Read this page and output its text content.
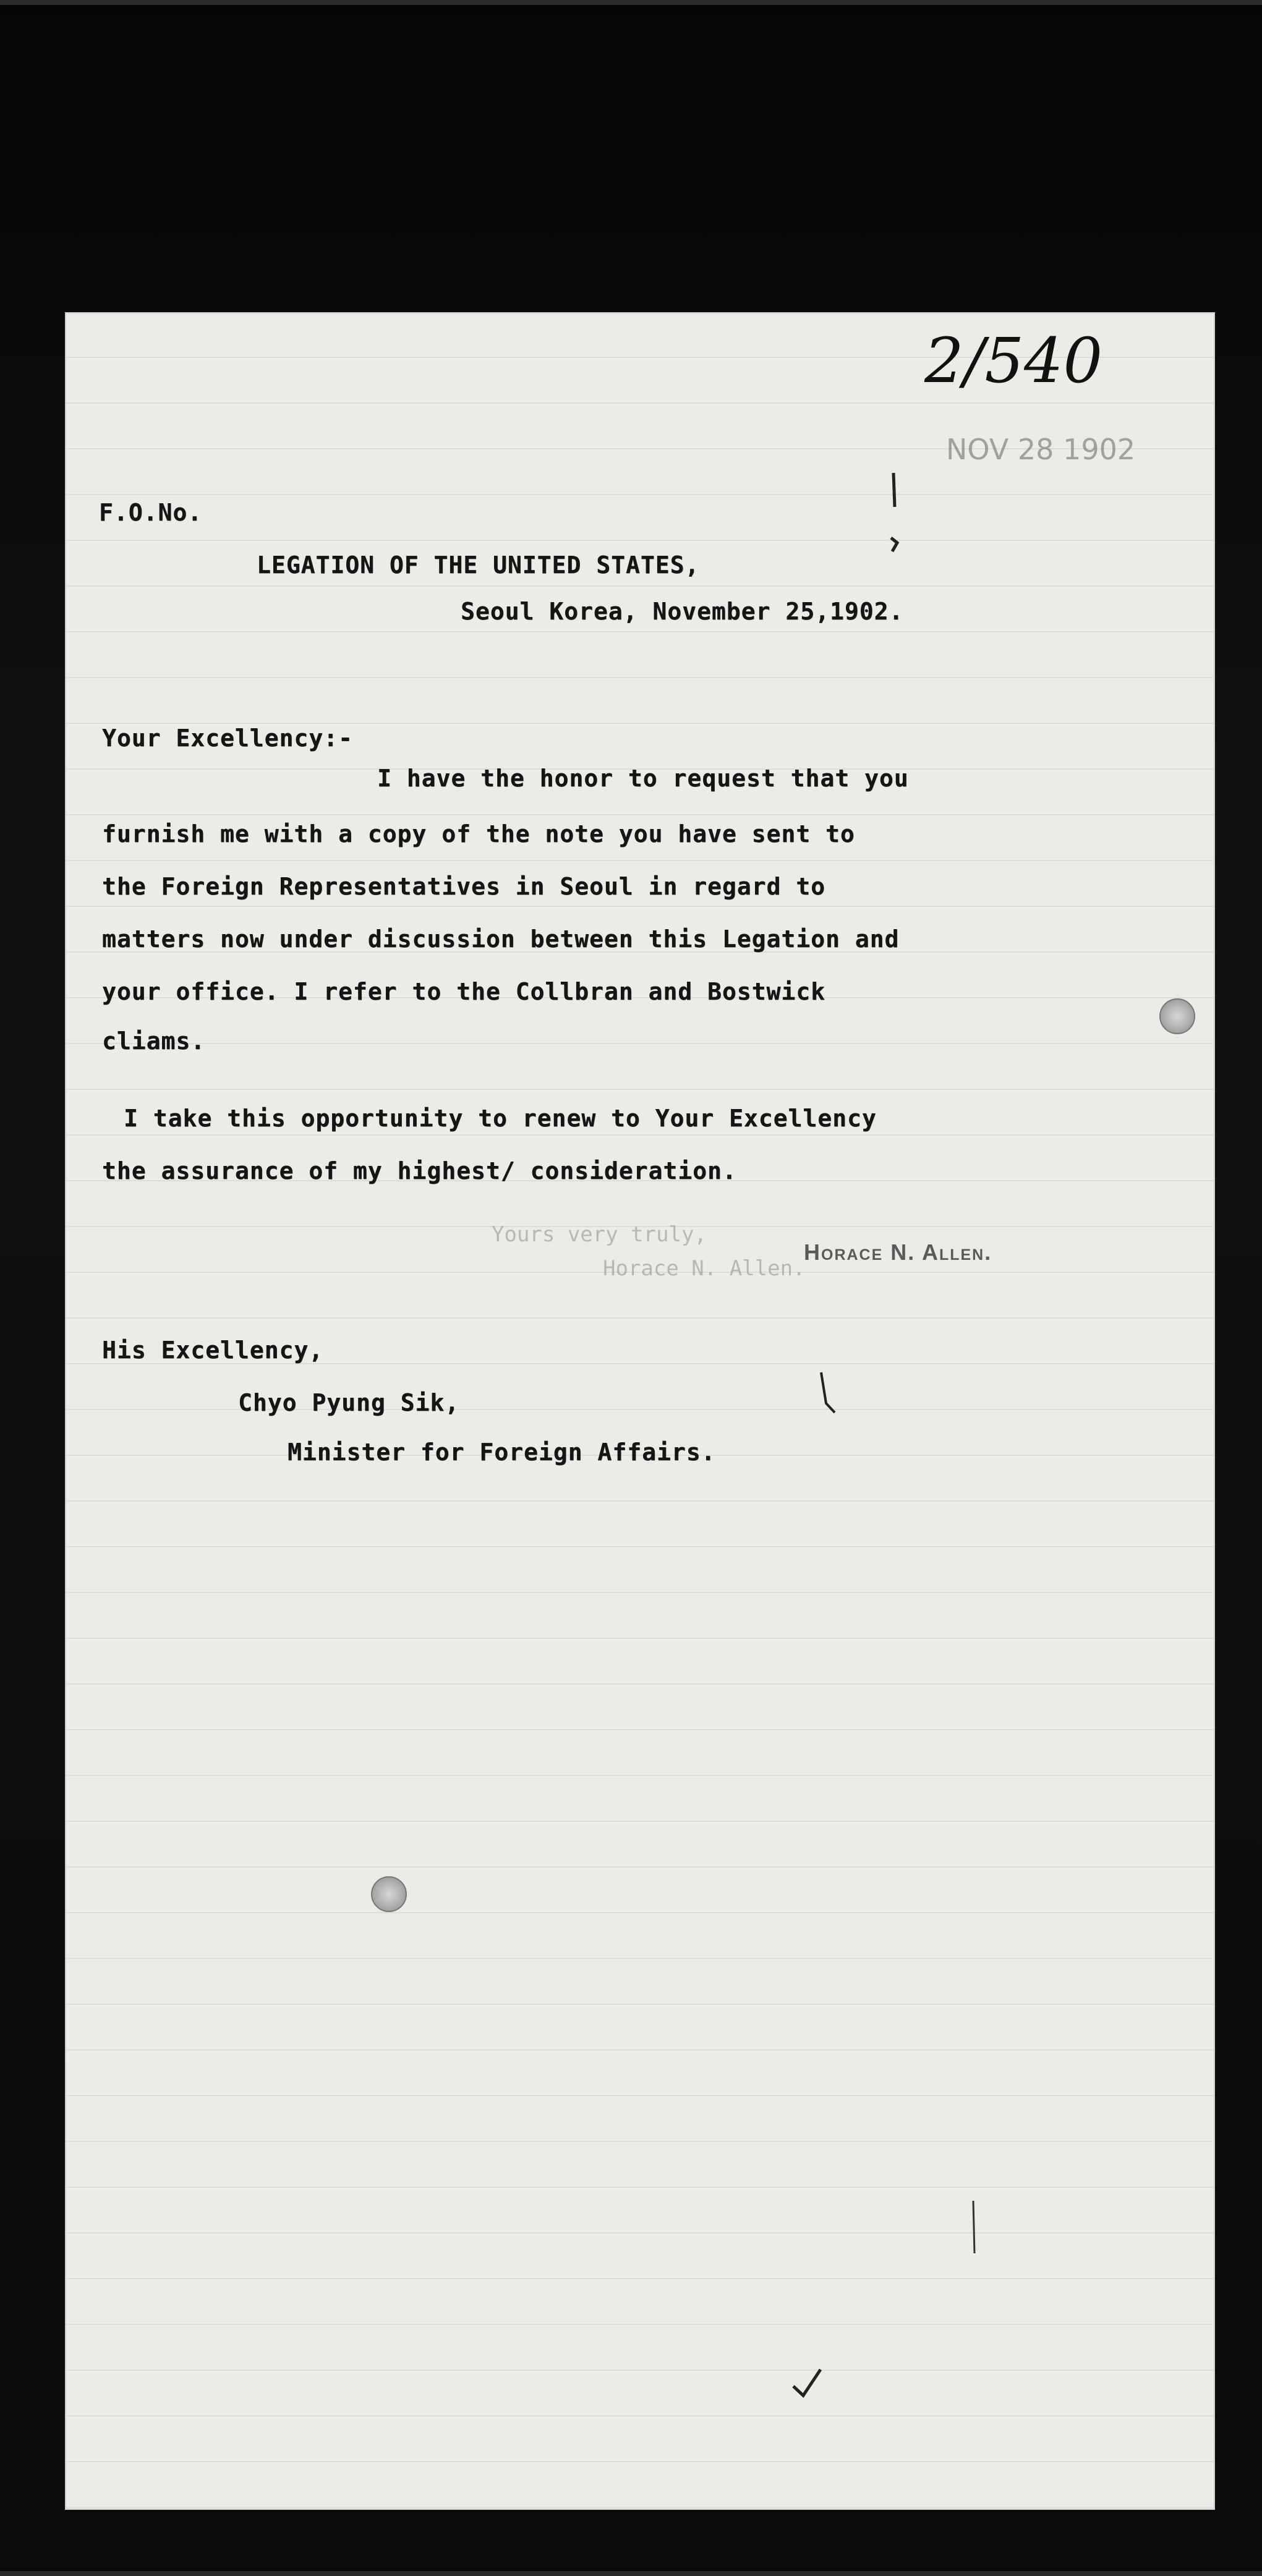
Yours very truly,
Horace N. Allen.
2/540
NOV 28 1902
F.O.No.
LEGATION OF THE UNITED STATES,
Seoul Korea, November 25,1902.
Your Excellency:-
I have the honor to request that you
furnish me with a copy of the note you have sent to
the Foreign Representatives in Seoul in regard to
matters now under discussion between this Legation and
your office. I refer to the Collbran and Bostwick
cliams.
I take this opportunity to renew to Your Excellency
the assurance of my highest/ consideration.
Horace N. Allen.
His Excellency,
Chyo Pyung Sik,
Minister for Foreign Affairs.
